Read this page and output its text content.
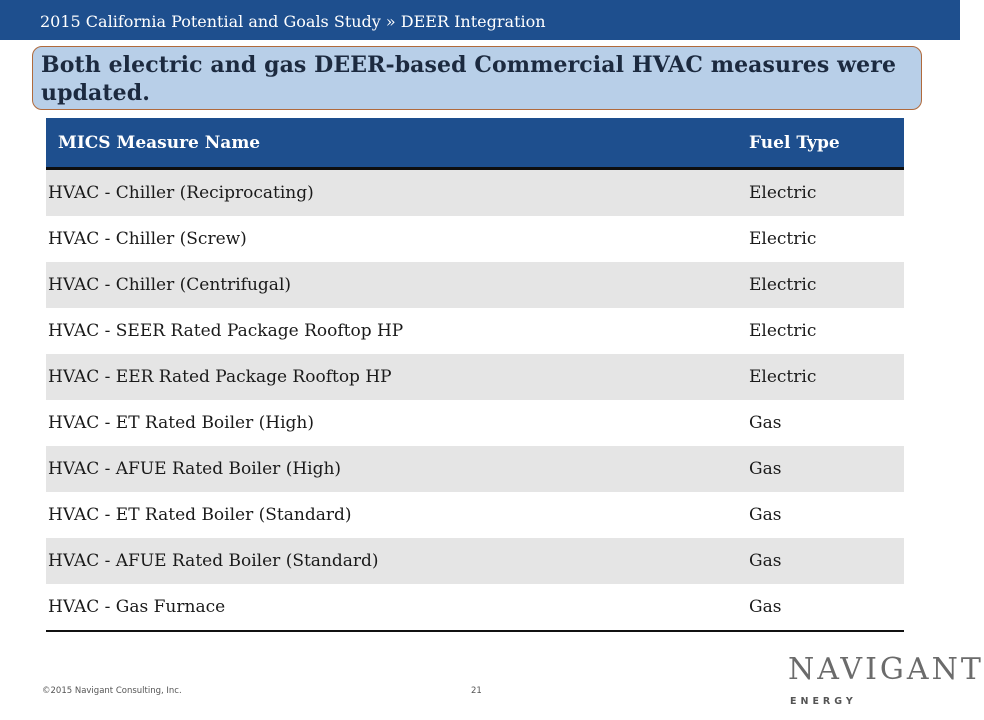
2015 California Potential and Goals Study » DEER Integration
Both electric and gas DEER-based Commercial HVAC measures were updated.
MICS Measure Name	Fuel Type
HVAC - Chiller (Reciprocating)	Electric
HVAC - Chiller (Screw)	Electric
HVAC - Chiller (Centrifugal)	Electric
HVAC - SEER Rated Package Rooftop HP	Electric
HVAC - EER Rated Package Rooftop HP	Electric
HVAC - ET Rated Boiler (High)	Gas
HVAC - AFUE Rated Boiler (High)	Gas
HVAC - ET Rated Boiler (Standard)	Gas
HVAC - AFUE Rated Boiler (Standard)	Gas
HVAC - Gas Furnace	Gas
©2015 Navigant Consulting, Inc.	21
NAVIGANT
ENERGY
